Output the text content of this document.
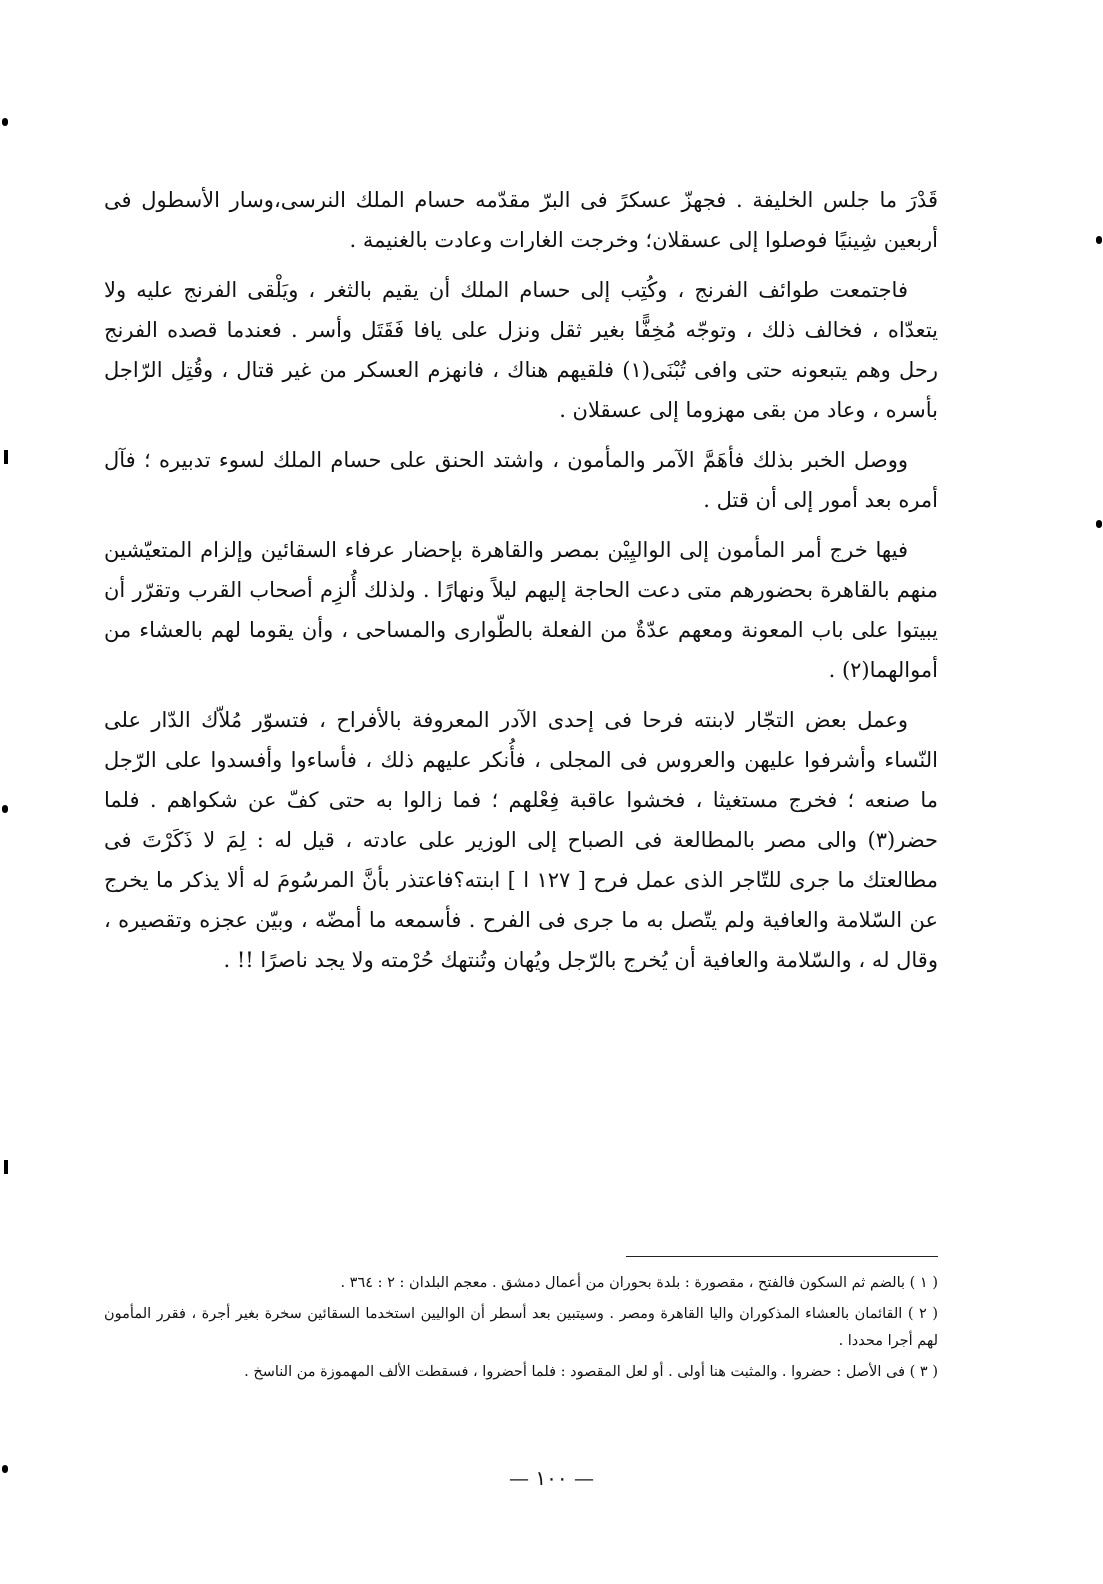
قَدْرَ ما جلس الخليفة . فجهزّ عسكرً فى البرّ مقدّمه حسام الملك النرسى،وسار الأسطول فى أربعين شِينيًا فوصلوا إلى عسقلان؛ وخرجت الغارات وعادت بالغنيمة .

فاجتمعت طوائف الفرنج ، وكُتِب إلى حسام الملك أن يقيم بالثغر ، ويَلْقى الفرنج عليه ولا يتعدّاه ، فخالف ذلك ، وتوجّه مُخِفًّا بغير ثقل ونزل على يافا فَقَتَل وأسر . فعندما قصده الفرنج رحل وهم يتبعونه حتى وافى تُبْنَى(١) فلقيهم هناك ، فانهزم العسكر من غير قتال ، وقُتِل الرّاجل بأسره ، وعاد من بقى مهزوما إلى عسقلان .

ووصل الخبر بذلك فأهَمَّ الآمر والمأمون ، واشتد الحنق على حسام الملك لسوء تدبيره ؛ فآل أمره بعد أمور إلى أن قتل .

فيها خرج أمر المأمون إلى الواليِيْن بمصر والقاهرة بإحضار عرفاء السقائين وإلزام المتعيّشين منهم بالقاهرة بحضورهم متى دعت الحاجة إليهم ليلاً ونهارًا . ولذلك أُلزِم أصحاب القرب وتقرّر أن يبيتوا على باب المعونة ومعهم عدّةٌ من الفعلة بالطّوارى والمساحى ، وأن يقوما لهم بالعشاء من أموالهما(٢) .

وعمل بعض التجّار لابنته فرحا فى إحدى الآدر المعروفة بالأفراح ، فتسوّر مُلاّك الدّار على النّساء وأشرفوا عليهن والعروس فى المجلى ، فأُنكر عليهم ذلك ، فأساءوا وأفسدوا على الرّجل ما صنعه ؛ فخرج مستغيثا ، فخشوا عاقبة فِعْلهم ؛ فما زالوا به حتى كفّ عن شكواهم . فلما حضر(٣) والى مصر بالمطالعة فى الصباح إلى الوزير على عادته ، قيل له : لِمَ لا ذَكَرْتَ فى مطالعتك ما جرى للتّاجر الذى عمل فرح [ ١٢٧ ا ] ابنته؟فاعتذر بأنَّ المرسُومَ له ألا يذكر ما يخرج عن السّلامة والعافية ولم يتّصل به ما جرى فى الفرح . فأسمعه ما أمضّه ، وبيّن عجزه وتقصيره ، وقال له ، والسّلامة والعافية أن يُخرج بالرّجل ويُهان وتُنتهك حُرْمته ولا يجد ناصرًا !! .

( ١ ) بالضم ثم السكون فالفتح ، مقصورة : بلدة بحوران من أعمال دمشق . معجم البلدان : ٢ : ٣٦٤ .

( ٢ ) القائمان بالعشاء المذكوران واليا القاهرة ومصر . وسيتبين بعد أسطر أن الواليين استخدما السقائين سخرة بغير أجرة ، فقرر المأمون لهم أجرا محددا .

( ٣ ) فى الأصل : حضروا . والمثبت هنا أولى . أو لعل المقصود : فلما أحضروا ، فسقطت الألف المهموزة من الناسخ .

— ١٠٠ —
